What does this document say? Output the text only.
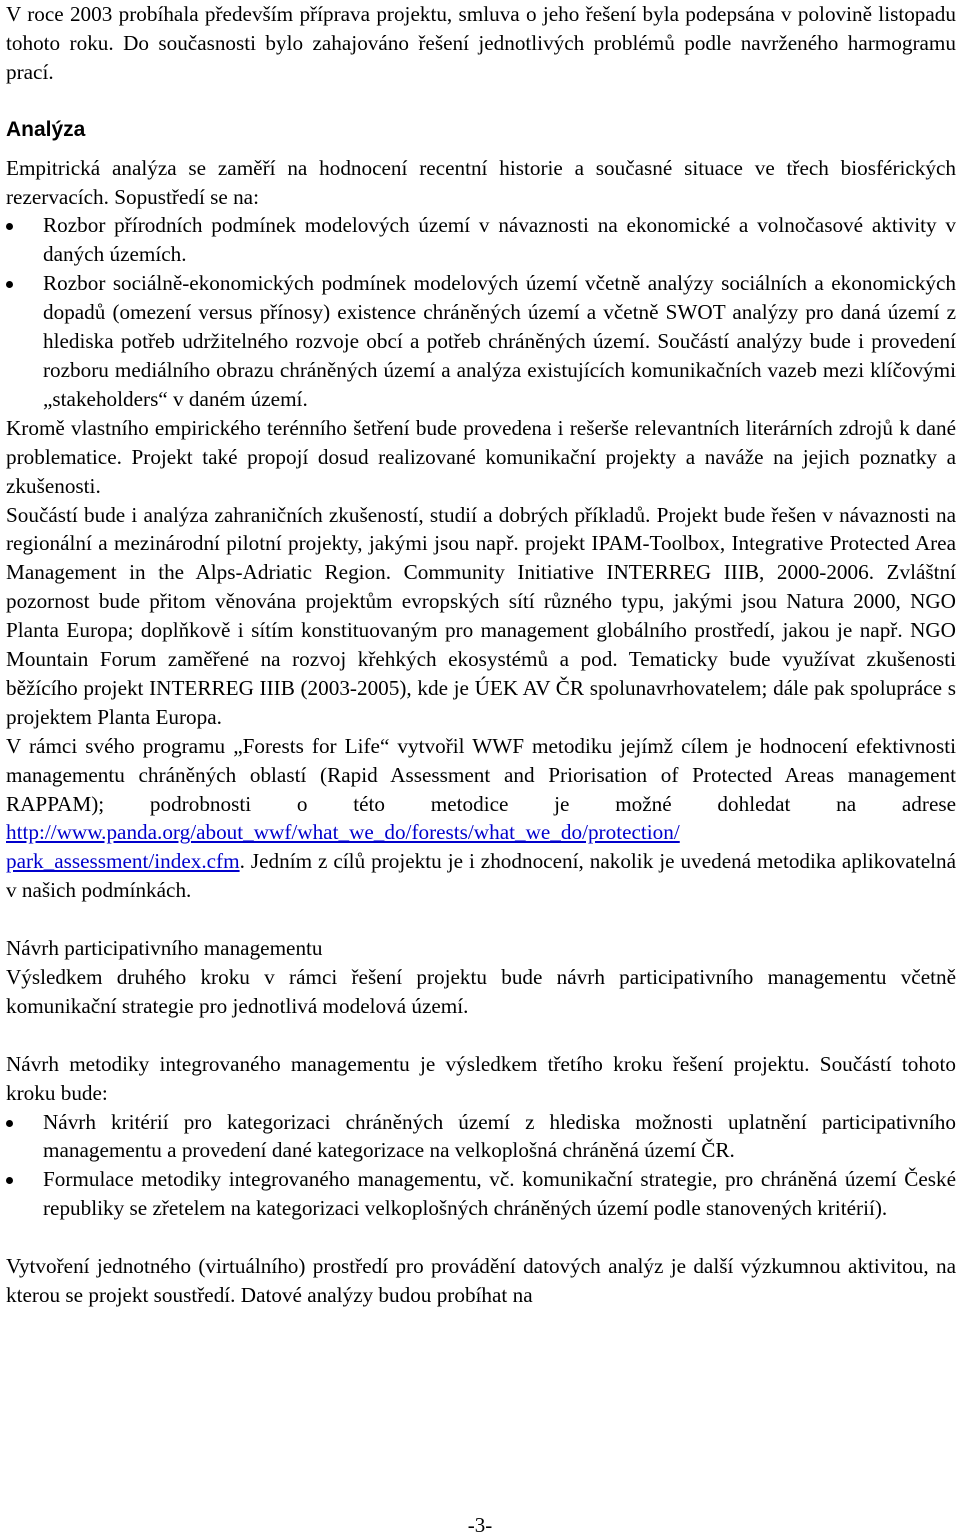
V roce 2003 probíhala především příprava projektu, smluva o jeho řešení byla podepsána v polovině listopadu tohoto roku. Do současnosti bylo zahajováno řešení jednotlivých problémů podle navrženého harmogramu prací.

Analýza

Empitrická analýza se zaměří na hodnocení recentní historie a současné situace ve třech biosférických rezervacích. Sopustředí se na:

Rozbor přírodních podmínek modelových území v návaznosti na ekonomické a volnočasové aktivity v daných územích.
Rozbor sociálně-ekonomických podmínek modelových území včetně analýzy sociálních a ekonomických dopadů (omezení versus přínosy) existence chráněných území a včetně SWOT analýzy pro daná území z hlediska potřeb udržitelného rozvoje obcí a potřeb chráněných území. Součástí analýzy bude i provedení rozboru mediálního obrazu chráněných území a analýza existujících komunikačních vazeb mezi klíčovými „stakeholders“ v daném území.

Kromě vlastního empirického terénního šetření bude provedena i rešerše relevantních literárních zdrojů k dané problematice. Projekt také propojí dosud realizované komunikační projekty a naváže na jejich poznatky a zkušenosti.

Součástí bude i analýza zahraničních zkušeností, studií a dobrých příkladů. Projekt bude řešen v návaznosti na regionální a mezinárodní pilotní projekty, jakými jsou např. projekt IPAM-Toolbox, Integrative Protected Area Management in the Alps-Adriatic Region. Community Initiative INTERREG IIIB, 2000-2006. Zvláštní pozornost bude přitom věnována projektům evropských sítí různého typu, jakými jsou Natura 2000, NGO Planta Europa; doplňkově i sítím konstituovaným pro management globálního prostředí, jakou je např. NGO Mountain Forum zaměřené na rozvoj křehkých ekosystémů a pod. Tematicky bude využívat zkušenosti běžícího projekt INTERREG IIIB (2003-2005), kde je ÚEK AV ČR spolunavrhovatelem; dále pak spolupráce s projektem Planta Europa.

V rámci svého programu „Forests for Life“ vytvořil WWF metodiku jejímž cílem je hodnocení efektivnosti managementu chráněných oblastí (Rapid Assessment and Priorisation of Protected Areas management RAPPAM); podrobnosti o této metodice je možné dohledat na adrese http://www.panda.org/about_wwf/what_we_do/forests/what_we_do/protection/
park_assessment/index.cfm. Jedním z cílů projektu je i zhodnocení, nakolik je uvedená metodika aplikovatelná v našich podmínkách.

Návrh participativního managementu

Výsledkem druhého kroku v rámci řešení projektu bude návrh participativního managementu včetně komunikační strategie pro jednotlivá modelová území.

Návrh metodiky integrovaného managementu je výsledkem třetího kroku řešení projektu. Součástí tohoto kroku bude:

Návrh kritérií pro kategorizaci chráněných území z hlediska možnosti uplatnění participativního managementu a provedení dané kategorizace na velkoplošná chráněná území ČR.
Formulace metodiky integrovaného managementu, vč. komunikační strategie, pro chráněná území České republiky se zřetelem na kategorizaci velkoplošných chráněných území podle stanovených kritérií).

Vytvoření jednotného (virtuálního) prostředí pro provádění datových analýz je další výzkumnou aktivitou, na kterou se projekt soustředí. Datové analýzy budou probíhat na

-3-
